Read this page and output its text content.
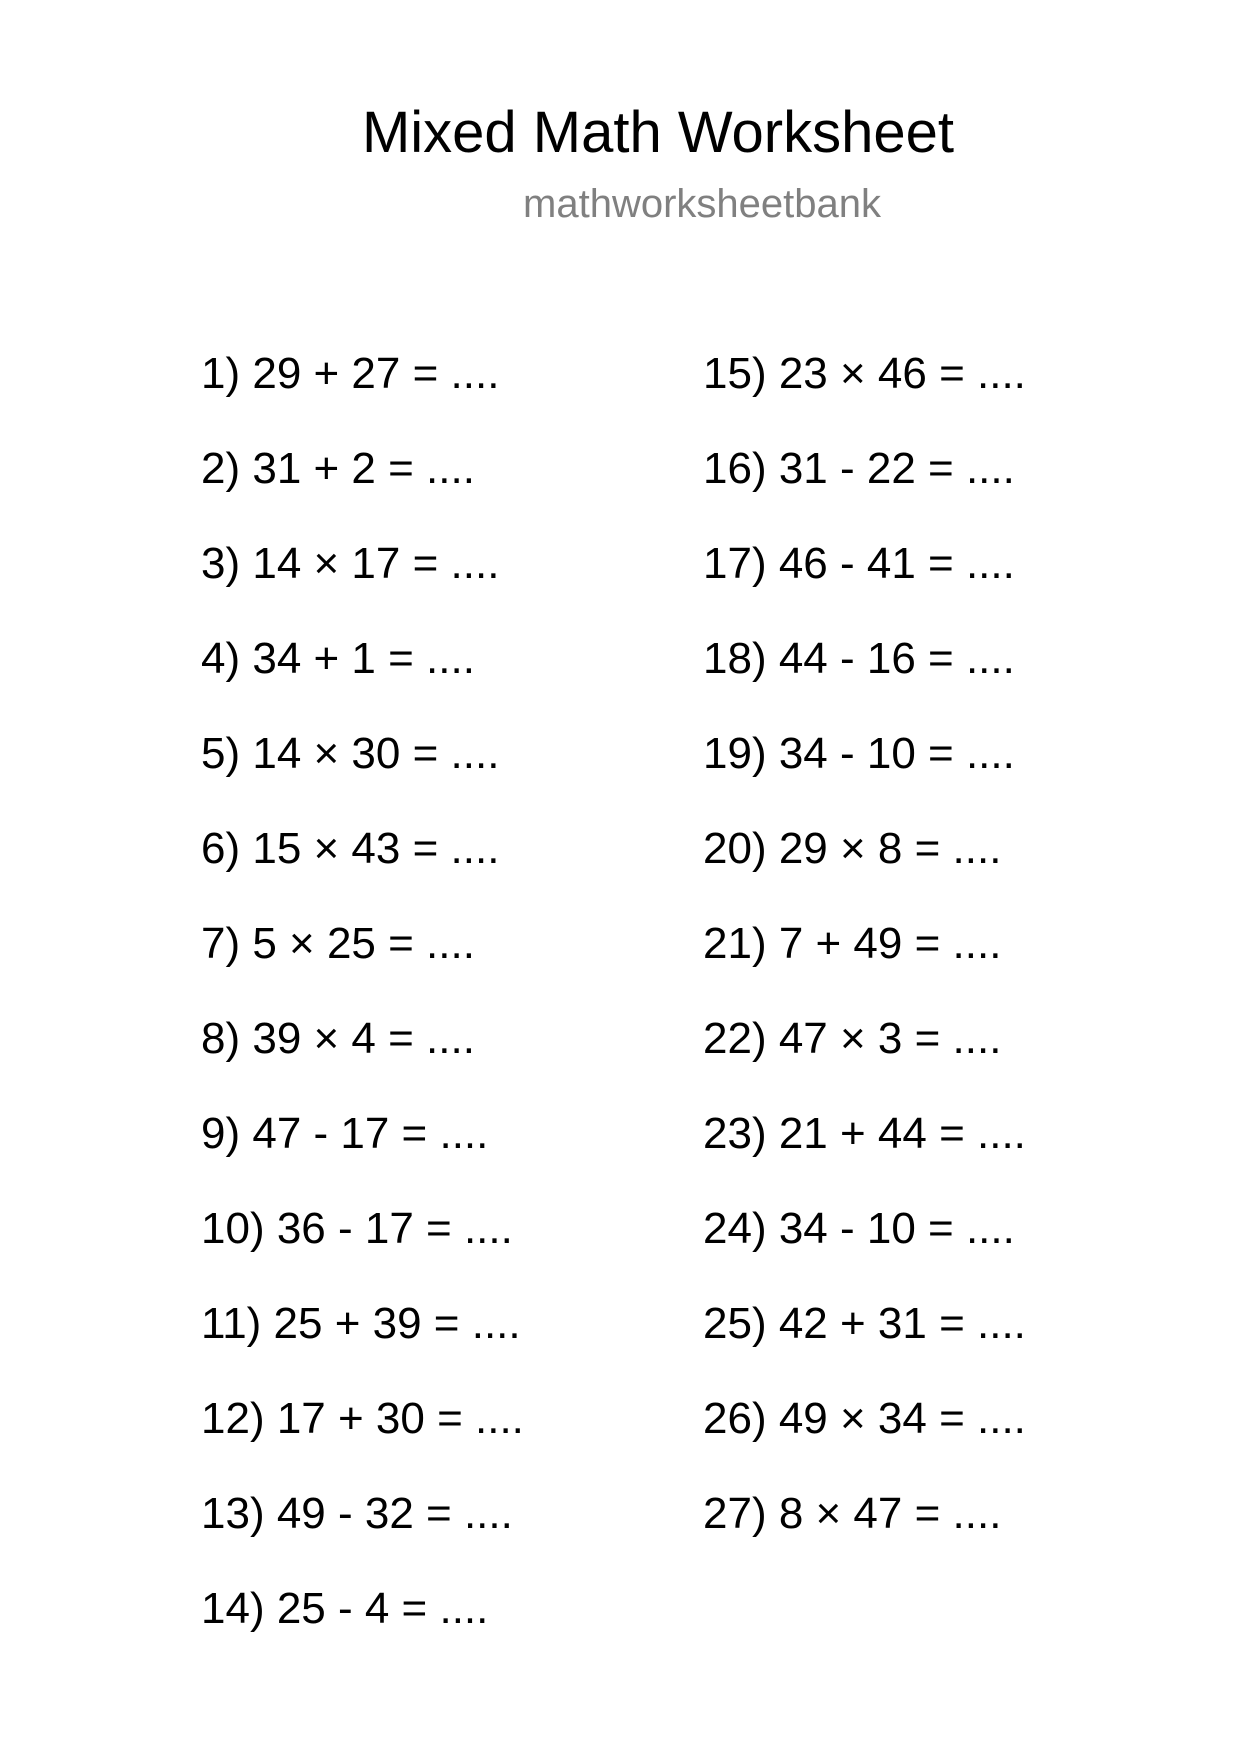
Mixed Math Worksheet
mathworksheetbank
1) 29 + 27 = ....
2) 31 + 2 = ....
3) 14 × 17 = ....
4) 34 + 1 = ....
5) 14 × 30 = ....
6) 15 × 43 = ....
7) 5 × 25 = ....
8) 39 × 4 = ....
9) 47 - 17 = ....
10) 36 - 17 = ....
11) 25 + 39 = ....
12) 17 + 30 = ....
13) 49 - 32 = ....
14) 25 - 4 = ....
15) 23 × 46 = ....
16) 31 - 22 = ....
17) 46 - 41 = ....
18) 44 - 16 = ....
19) 34 - 10 = ....
20) 29 × 8 = ....
21) 7 + 49 = ....
22) 47 × 3 = ....
23) 21 + 44 = ....
24) 34 - 10 = ....
25) 42 + 31 = ....
26) 49 × 34 = ....
27) 8 × 47 = ....
